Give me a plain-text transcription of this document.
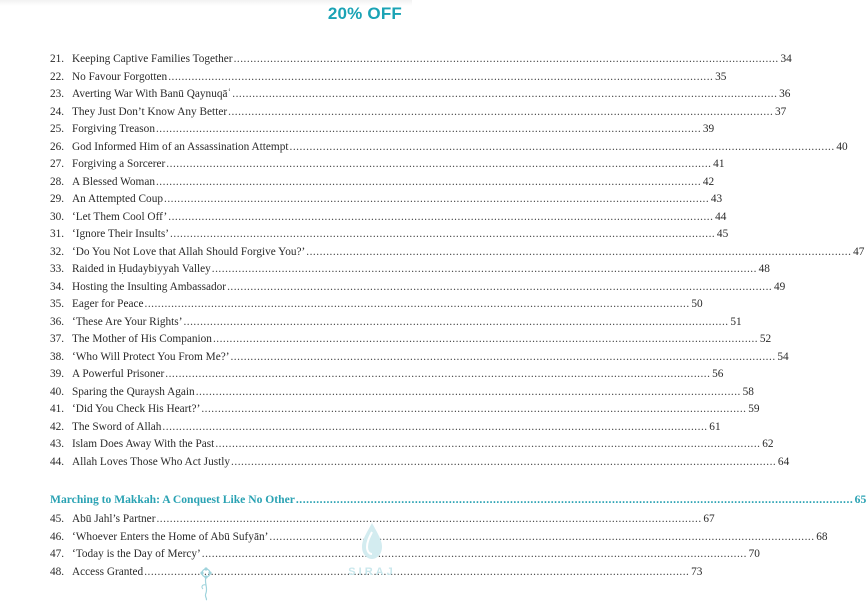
20% OFF
21. Keeping Captive Families Together .....	34
22. No Favour Forgotten .....	35
23. Averting War With Banū Qaynuqāʿ .....	36
24. They Just Don’t Know Any Better .....	37
25. Forgiving Treason .....	39
26. God Informed Him of an Assassination Attempt .....	40
27. Forgiving a Sorcerer .....	41
28. A Blessed Woman .....	42
29. An Attempted Coup .....	43
30. ‘Let Them Cool Off’ .....	44
31. ‘Ignore Their Insults’ .....	45
32. ‘Do You Not Love that Allah Should Forgive You?’ .....	47
33. Raided in Ḥudaybiyyah Valley .....	48
34. Hosting the Insulting Ambassador .....	49
35. Eager for Peace .....	50
36. ‘These Are Your Rights’ .....	51
37. The Mother of His Companion .....	52
38. ‘Who Will Protect You From Me?’ .....	54
39. A Powerful Prisoner .....	56
40. Sparing the Quraysh Again .....	58
41. ‘Did You Check His Heart?’ .....	59
42. The Sword of Allah .....	61
43. Islam Does Away With the Past .....	62
44. Allah Loves Those Who Act Justly .....	64
Marching to Makkah: A Conquest Like No Other .....	65
45. Abū Jahl’s Partner .....	67
46. ‘Whoever Enters the Home of Abū Sufyān’ .....	68
47. ‘Today is the Day of Mercy’ .....	70
48. Access Granted .....	73
SIRAJ
